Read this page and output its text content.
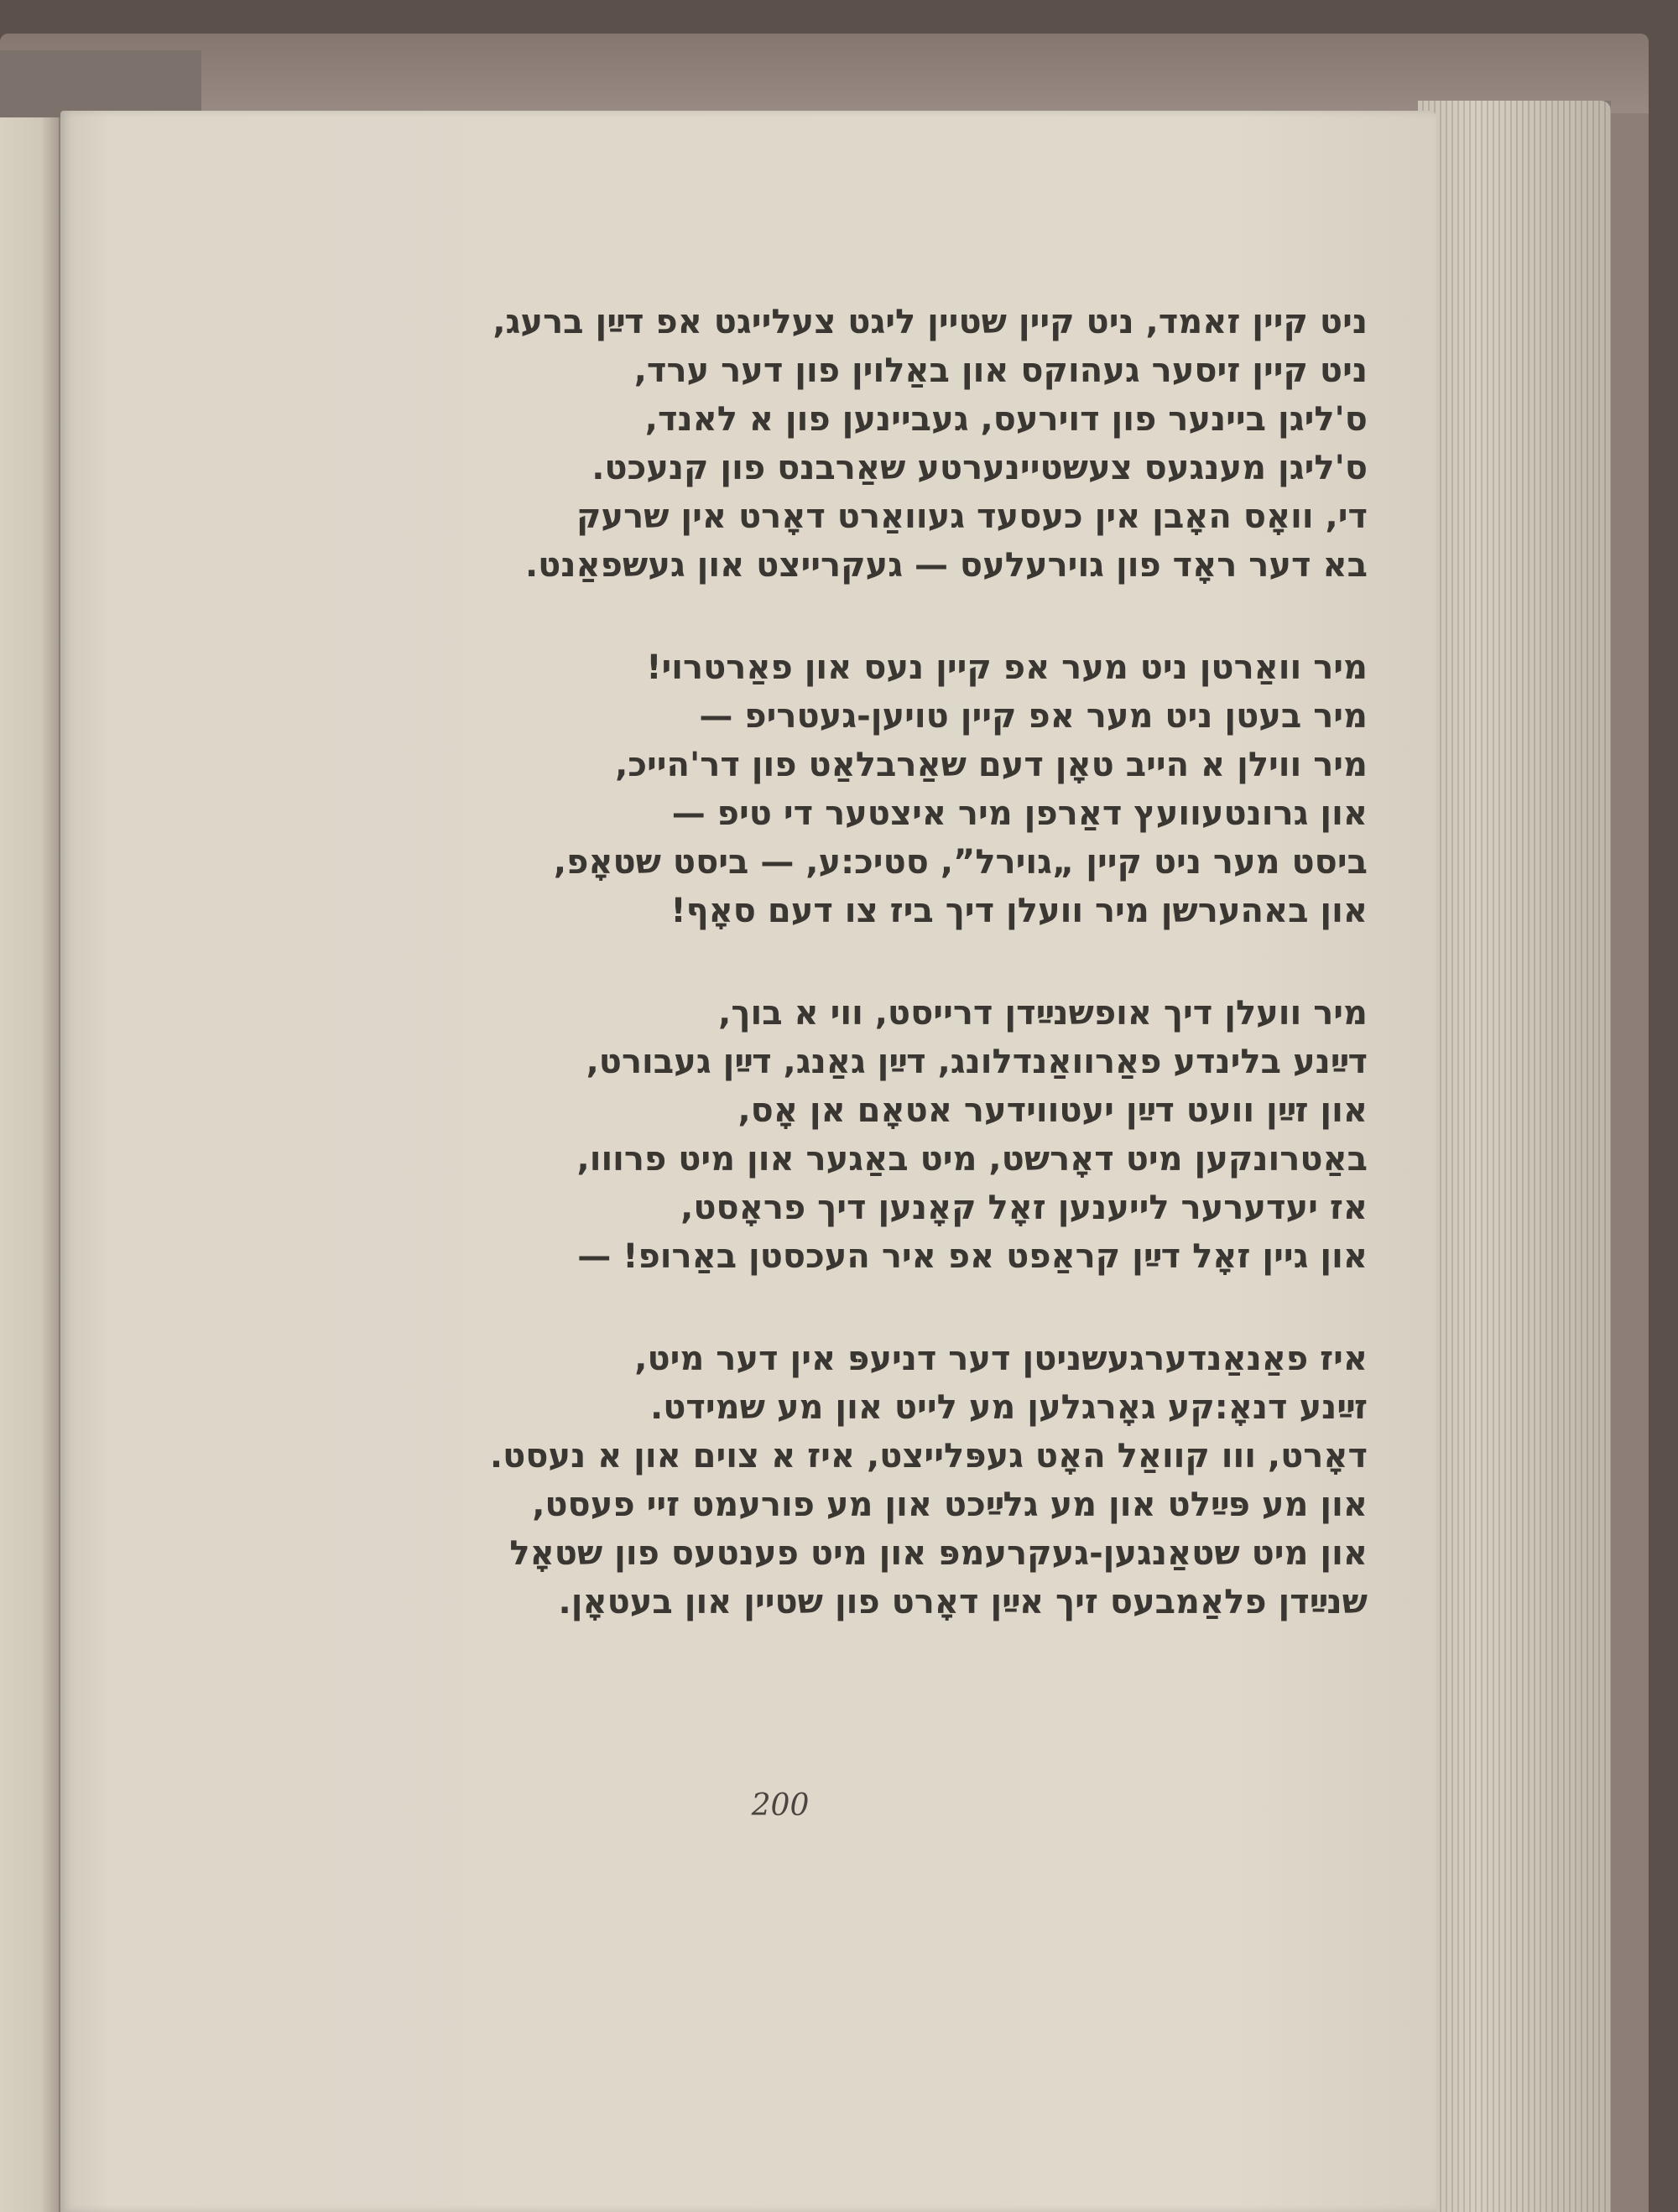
ניט קיין זאמד, ניט קיין שטיין ליגט צעלייגט אפ דײַן ברעג,
ניט קיין זיסער געהוקס און באַלוין פון דער ערד,
ס'ליגן ביינער פון דוירעס, געביינען פון א לאנד,
ס'ליגן מענגעס צעשטיינערטע שאַרבנס פון קנעכט.
די, וואָס האָבן אין כעסעד געוואַרט דאָרט אין שרעק
בא דער ראָד פון גוירעלעס — געקרייצט און געשפאַנט.
מיר וואַרטן ניט מער אפ קיין נעס און פאַרטרוי!
מיר בעטן ניט מער אפ קיין טויען-געטריפ —
מיר ווילן א הייב טאָן דעם שאַרבלאַט פון דר'הייכ,
און גרונטעוועץ דאַרפן מיר איצטער די טיפ —
ביסט מער ניט קיין „גוירל”, סטיכ:ע, — ביסט שטאָפ,
און באהערשן מיר וועלן דיך ביז צו דעם סאָף!
מיר וועלן דיך אופשנײַדן דרייסט, ווי א בוך,
דײַנע בלינדע פאַרוואַנדלונג, דײַן גאַנג, דײַן געבורט,
און זײַן וועט דײַן יעטווידער אטאָם אן אָס,
באַטרונקען מיט דאָרשט, מיט באַגער און מיט פרווו,
אז יעדערער לייענען זאָל קאָנען דיך פראָסט,
און גיין זאָל דײַן קראַפט אפ איר העכסטן באַרופ! —
איז פאַנאַנדערגעשניטן דער דניעפּ אין דער מיט,
זײַנע דנאָ:קע גאָרגלען מע לייט און מע שמידט.
דאָרט, ווו קוואַל האָט געפּלייצט, איז א צוים און א נעסט.
און מע פּײַלט און מע גלײַכט און מע פורעמט זיי פעסט,
און מיט שטאַנגען-געקרעמפּ און מיט פענטעס פון שטאָל
שנײַדן פלאַמבעס זיך אײַן דאָרט פון שטיין און בעטאָן.
200
